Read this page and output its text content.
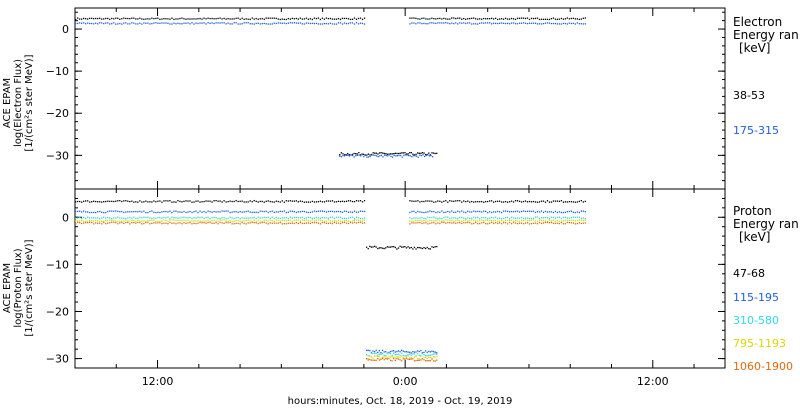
0
−10
−20
−30
0
−10
−20
−30
12:00	0:00	12:00
ACE EPAM log(Electron Flux) [1/(cm²s ster MeV)]
Electron
Energy ran
[keV]
38-53
175-315
ACE EPAM log(Proton Flux) [1/(cm²s ster MeV)]
Proton
Energy ran
[keV]
47-68
115-195
310-580
795-1193
1060-1900
hours:minutes, Oct. 18, 2019 - Oct. 19, 2019
